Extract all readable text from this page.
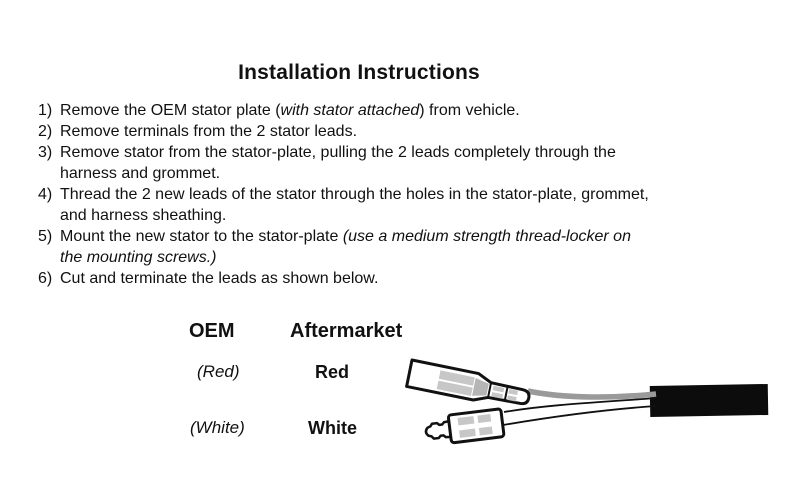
Installation Instructions
1) Remove the OEM stator plate (with stator attached) from vehicle.
2) Remove terminals from the 2 stator leads.
3) Remove stator from the stator-plate, pulling the 2 leads completely through the
harness and grommet.
4) Thread the 2 new leads of the stator through the holes in the stator-plate, grommet,
and harness sheathing.
5) Mount the new stator to the stator-plate (use a medium strength thread-locker on
the mounting screws.)
6) Cut and terminate the leads as shown below.
OEM	Aftermarket
(Red)	Red
(White)	White
